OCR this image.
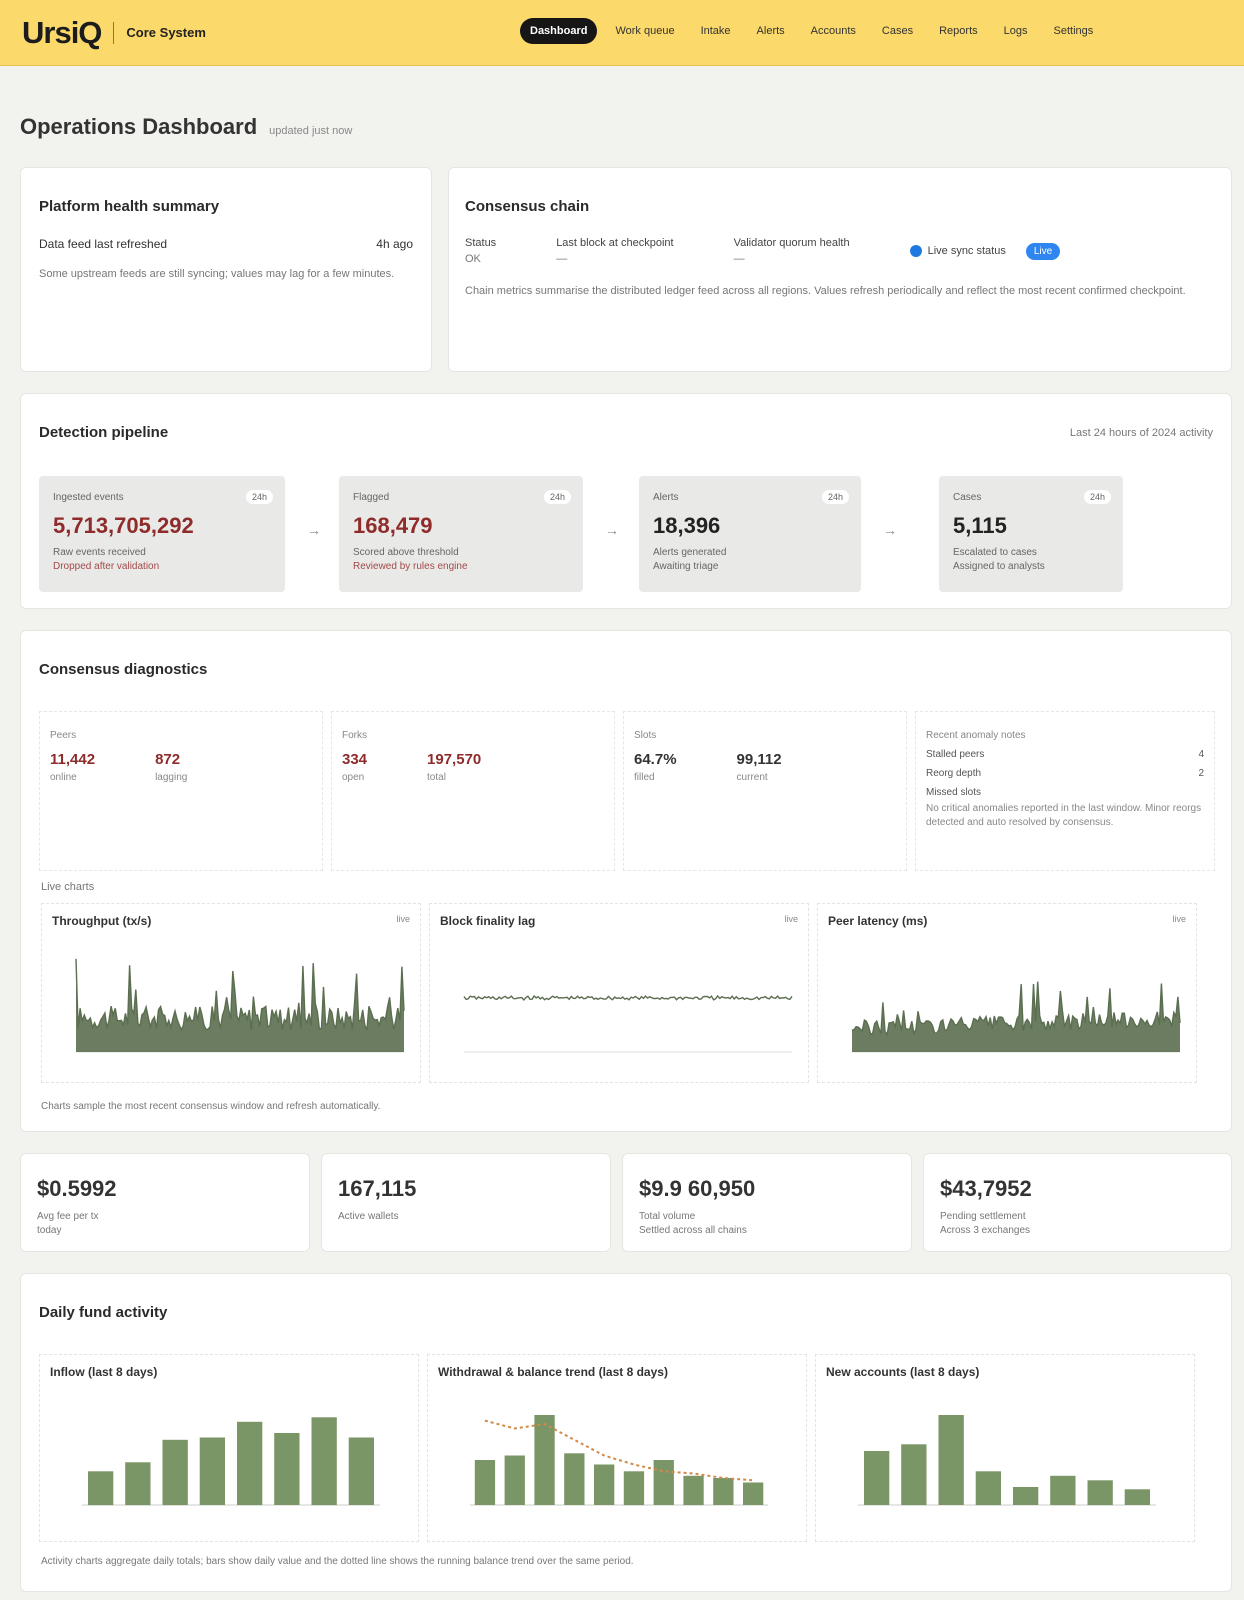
UrsiQ Core System	Dashboard	Work queue	Intake	Alerts	Accounts	Cases	Reports	Logs	Settings
Operations Dashboard updated just now
Platform health summary
Data feed last refreshed	4h ago
Some upstream feeds are still syncing; values may lag for a few minutes.
Consensus chain
Status
OK
Last block at checkpoint
—
Validator quorum health
—
Live sync status	Live
Chain metrics summarise the distributed ledger feed across all regions. Values refresh periodically and reflect the most recent confirmed checkpoint.
Detection pipeline	Last 24 hours of 2024 activity
Ingested events	24h
5,713,705,292
Raw events received
Dropped after validation
→
Flagged	24h
168,479
Scored above threshold
Reviewed by rules engine
→
Alerts	24h
18,396
Alerts generated
Awaiting triage
→
Cases	24h
5,115
Escalated to cases
Assigned to analysts
Consensus diagnostics
Peers
11,442
online
872
lagging
Forks
334
open
197,570
total
Slots
64.7%
filled
99,112
current
Recent anomaly notes
Stalled peers	4
Reorg depth	2
Missed slots
No critical anomalies reported in the last window. Minor reorgs detected and auto resolved by consensus.
Live charts
Throughput (tx/s)	live	Block finality lag	live	Peer latency (ms)	live
Charts sample the most recent consensus window and refresh automatically.
$0.5992
Avg fee per tx
today
167,115
Active wallets
$9.9 60,950
Total volume
Settled across all chains
$43,7952
Pending settlement
Across 3 exchanges
Daily fund activity
Inflow (last 8 days)	Withdrawal & balance trend (last 8 days)	New accounts (last 8 days)
Activity charts aggregate daily totals; bars show daily value and the dotted line shows the running balance trend over the same period.
